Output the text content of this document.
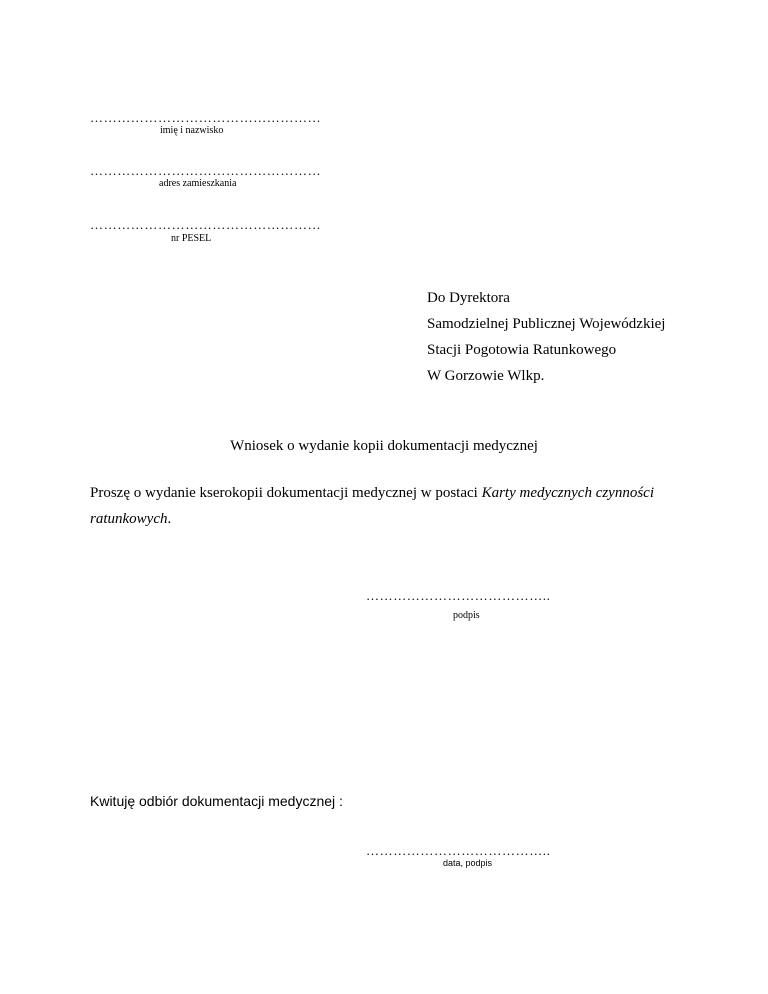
……………………………………………
imię i nazwisko
……………………………………………
adres zamieszkania
……………………………………………
nr PESEL
Do Dyrektora
Samodzielnej Publicznej Wojewódzkiej
Stacji Pogotowia Ratunkowego
W Gorzowie Wlkp.
Wniosek o wydanie kopii dokumentacji medycznej
Proszę o wydanie kserokopii dokumentacji medycznej w postaci Karty medycznych czynności
ratunkowych.
…………………………………..
podpis
Kwituję odbiór dokumentacji medycznej :
…………………………………..
data, podpis
